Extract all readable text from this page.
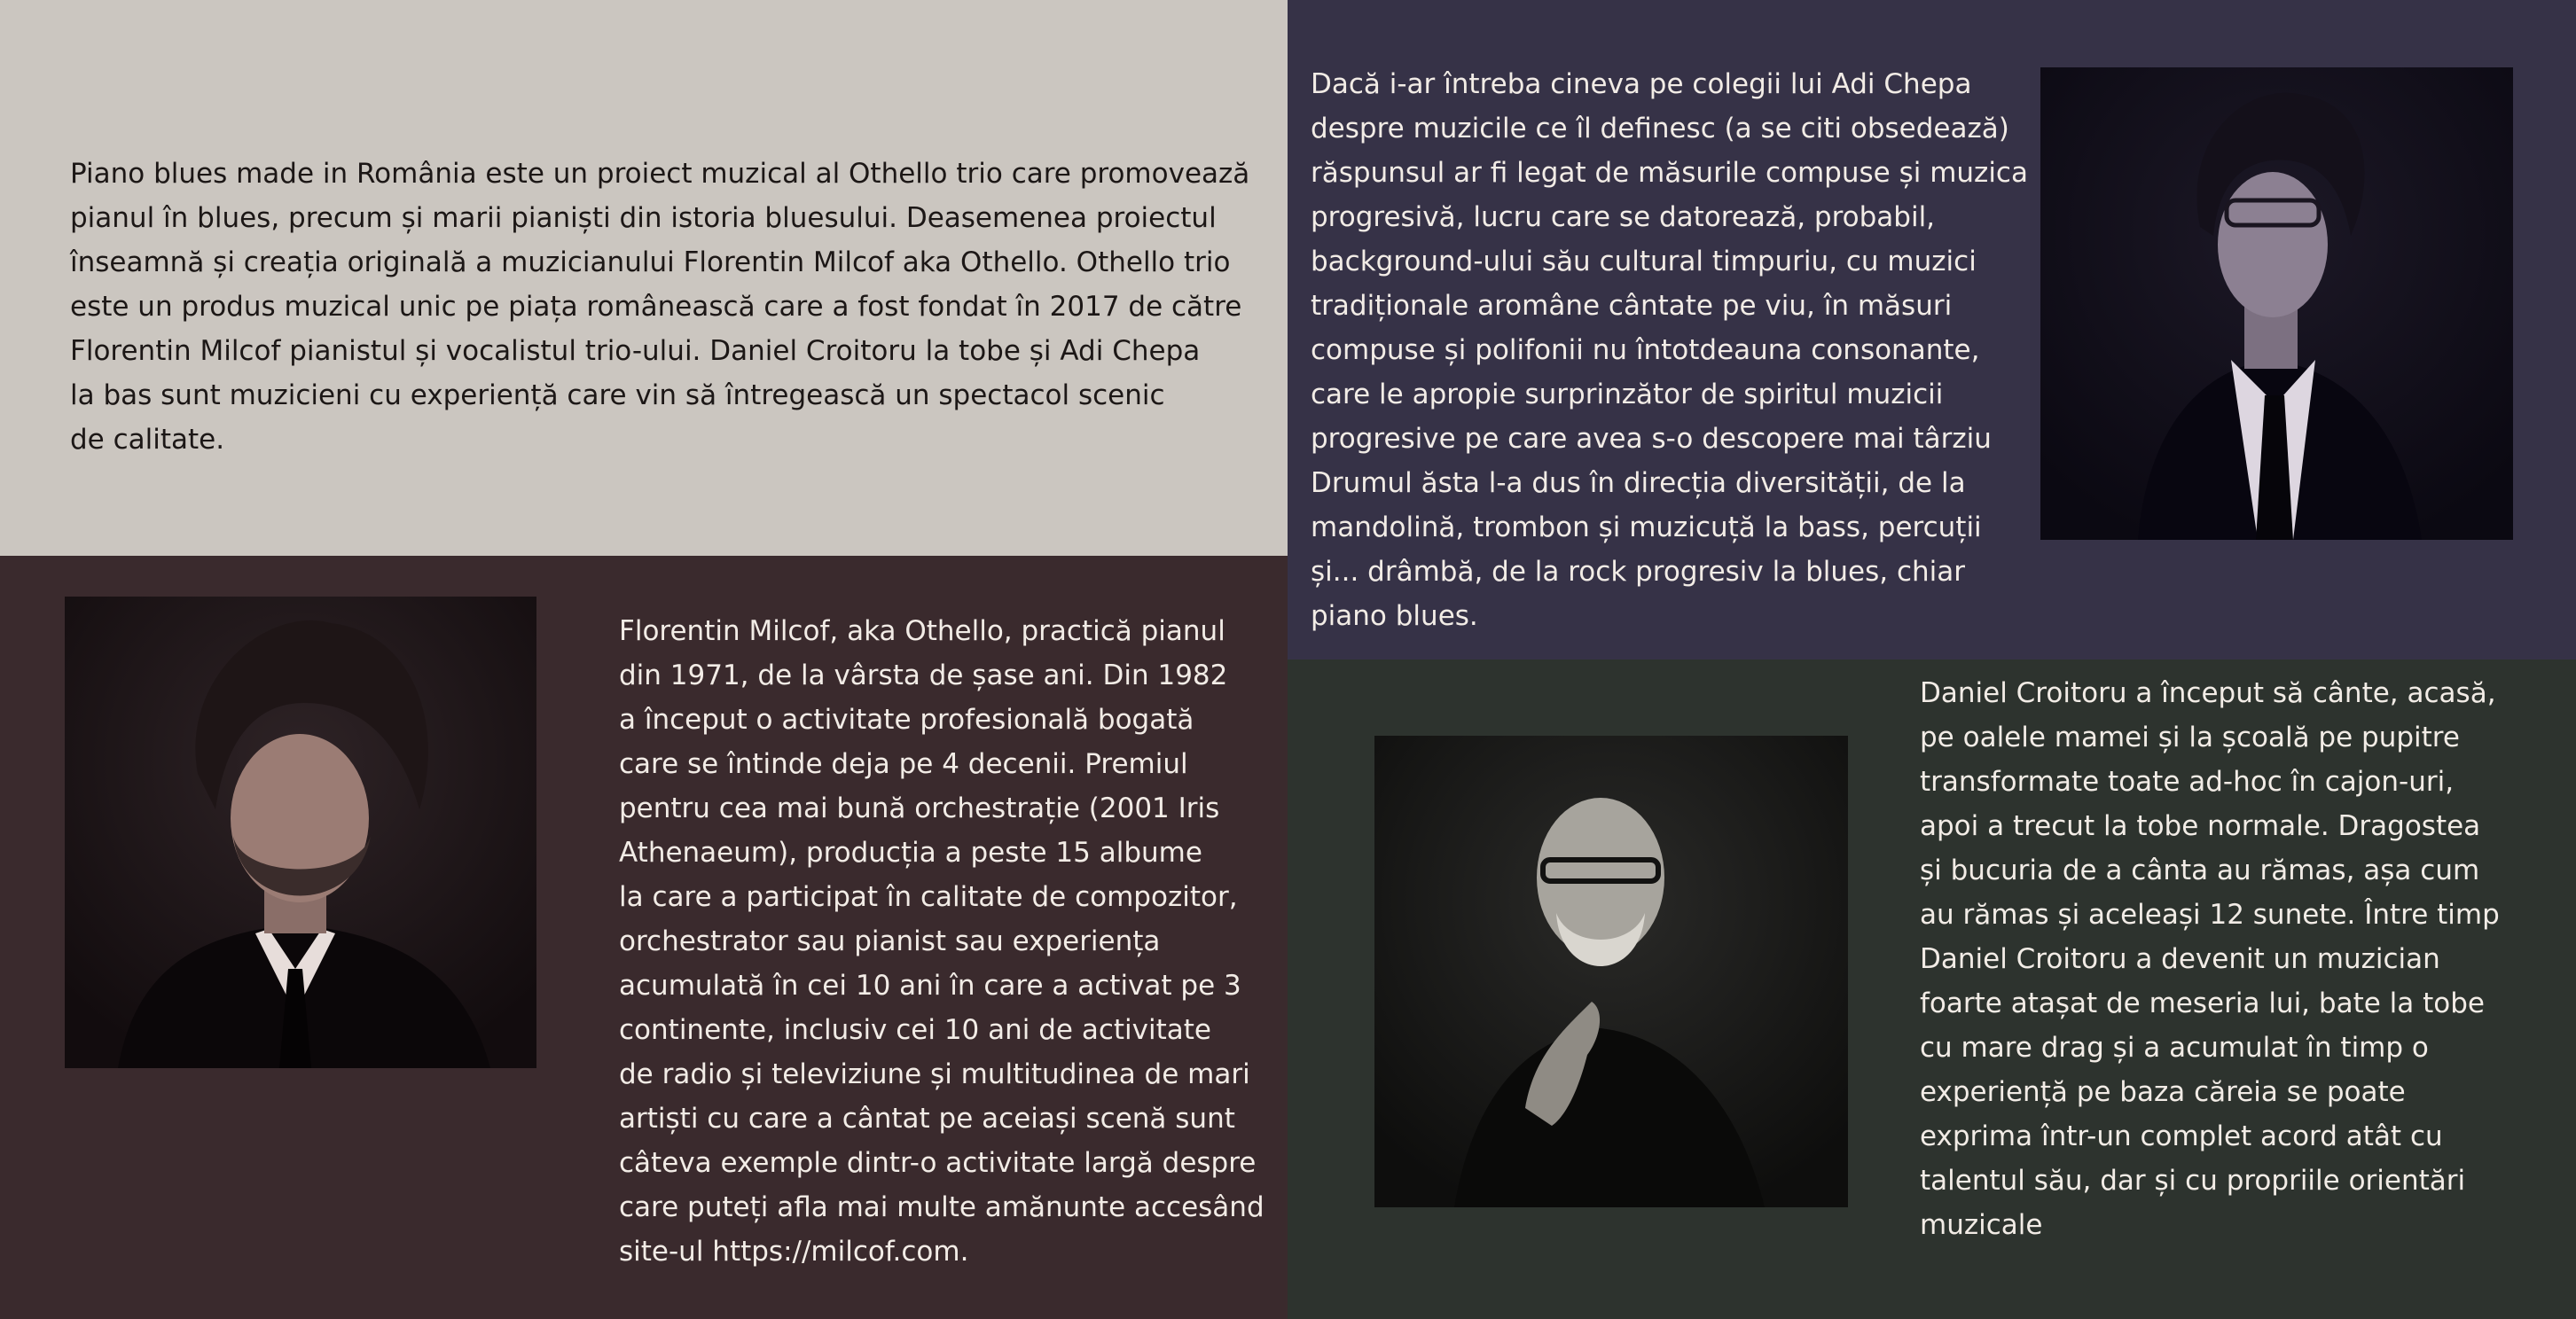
Piano blues made in România este un proiect muzical al Othello trio care promovează

pianul în blues, precum și marii pianiști din istoria bluesului. Deasemenea proiectul

înseamnă și creația originală a muzicianului Florentin Milcof aka Othello. Othello trio

este un produs muzical unic pe piața românească care a fost fondat în 2017 de către

Florentin Milcof pianistul și vocalistul trio-ului. Daniel Croitoru la tobe și Adi Chepa

la bas sunt muzicieni cu experiență care vin să întregească un spectacol scenic

de calitate.

Florentin Milcof, aka Othello, practică pianul

din 1971, de la vârsta de șase ani. Din 1982

a început o activitate profesională bogată

care se întinde deja pe 4 decenii. Premiul

pentru cea mai bună orchestrație (2001 Iris

Athenaeum), producția a peste 15 albume

la care a participat în calitate de compozitor,

orchestrator sau pianist sau experiența

acumulată în cei 10 ani în care a activat pe 3

continente, inclusiv cei 10 ani de activitate

de radio și televiziune și multitudinea de mari

artiști cu care a cântat pe aceiași scenă sunt

câteva exemple dintr-o activitate largă despre

care puteți afla mai multe amănunte accesând

site-ul https://milcof.com.

Dacă i-ar întreba cineva pe colegii lui Adi Chepa

despre muzicile ce îl definesc (a se citi obsedează)

răspunsul ar fi legat de măsurile compuse și muzica

progresivă, lucru care se datorează, probabil,

background-ului său cultural timpuriu, cu muzici

tradiționale aromâne cântate pe viu, în măsuri

compuse și polifonii nu întotdeauna consonante,

care le apropie surprinzător de spiritul muzicii

progresive pe care avea s-o descopere mai târziu

Drumul ăsta l-a dus în direcția diversității, de la

mandolină, trombon și muzicuță la bass, percuții

și... drâmbă, de la rock progresiv la blues, chiar

piano blues.

Daniel Croitoru a început să cânte, acasă,

pe oalele mamei și la școală pe pupitre

transformate toate ad-hoc în cajon-uri,

apoi a trecut la tobe normale. Dragostea

și bucuria de a cânta au rămas, așa cum

au rămas și aceleași 12 sunete. Între timp

Daniel Croitoru a devenit un muzician

foarte atașat de meseria lui, bate la tobe

cu mare drag și a acumulat în timp o

experiență pe baza căreia se poate

exprima într-un complet acord atât cu

talentul său, dar și cu propriile orientări

muzicale
